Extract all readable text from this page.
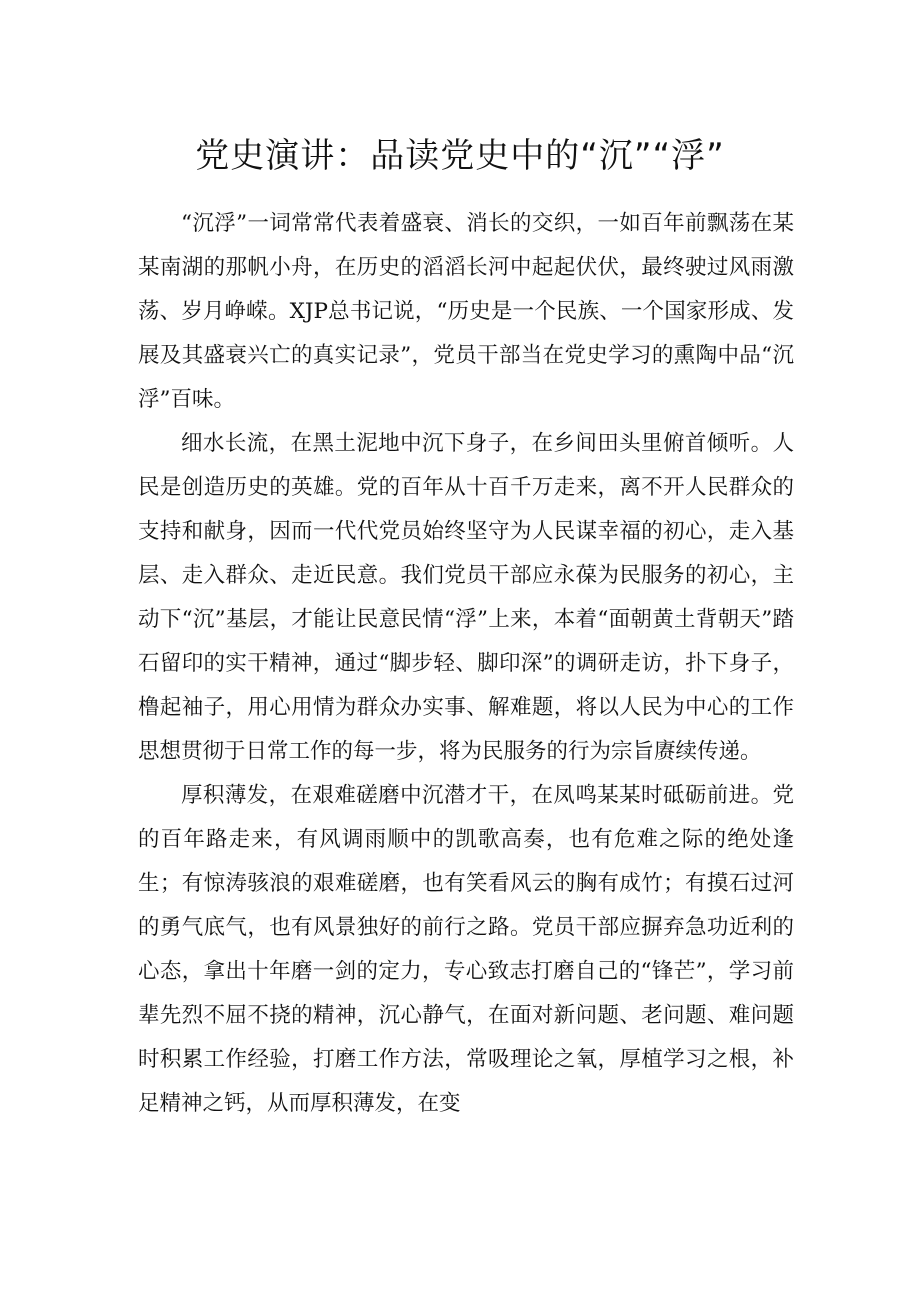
党史演讲：品读党史中的“沉”“浮”

“沉浮”一词常常代表着盛衰、消长的交织，一如百年前飘荡在某某南湖的那帆小舟，在历史的滔滔长河中起起伏伏，最终驶过风雨激荡、岁月峥嵘。XJP总书记说，“历史是一个民族、一个国家形成、发展及其盛衰兴亡的真实记录”，党员干部当在党史学习的熏陶中品“沉浮”百味。

细水长流，在黑土泥地中沉下身子，在乡间田头里俯首倾听。人民是创造历史的英雄。党的百年从十百千万走来，离不开人民群众的支持和献身，因而一代代党员始终坚守为人民谋幸福的初心，走入基层、走入群众、走近民意。我们党员干部应永葆为民服务的初心，主动下“沉”基层，才能让民意民情“浮”上来，本着“面朝黄土背朝天”踏石留印的实干精神，通过“脚步轻、脚印深”的调研走访，扑下身子，橹起袖子，用心用情为群众办实事、解难题，将以人民为中心的工作思想贯彻于日常工作的每一步，将为民服务的行为宗旨赓续传递。

厚积薄发，在艰难磋磨中沉潜才干，在凤鸣某某时砥砺前进。党的百年路走来，有风调雨顺中的凯歌高奏，也有危难之际的绝处逢生；有惊涛骇浪的艰难磋磨，也有笑看风云的胸有成竹；有摸石过河的勇气底气，也有风景独好的前行之路。党员干部应摒弃急功近利的心态，拿出十年磨一剑的定力，专心致志打磨自己的“锋芒”，学习前辈先烈不屈不挠的精神，沉心静气，在面对新问题、老问题、难问题时积累工作经验，打磨工作方法，常吸理论之氧，厚植学习之根，补足精神之钙，从而厚积薄发，在变
